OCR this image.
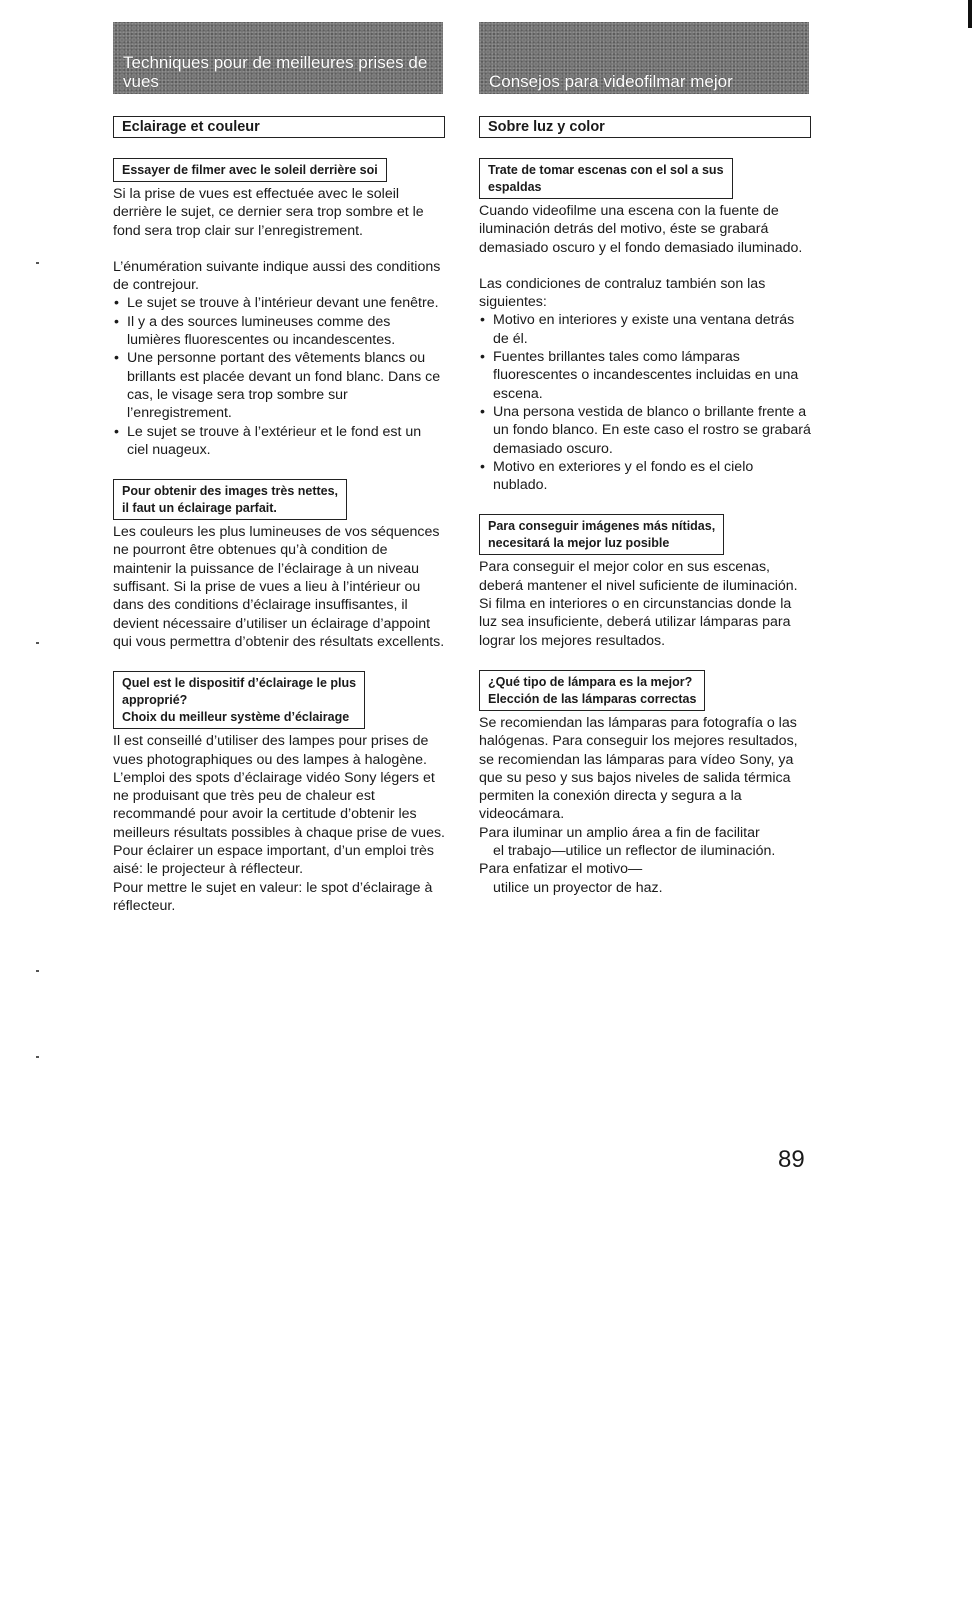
Techniques pour de meilleures prises de vues
Eclairage et couleur
Essayer de filmer avec le soleil derrière soi

Si la prise de vues est effectuée avec le soleil derrière le sujet, ce dernier sera trop sombre et le fond sera trop clair sur l’enregistrement.

L’énumération suivante indique aussi des conditions de contrejour.

• Le sujet se trouve à l’intérieur devant une fenêtre.
• Il y a des sources lumineuses comme des lumières fluorescentes ou incandescentes.
• Une personne portant des vêtements blancs ou brillants est placée devant un fond blanc. Dans ce cas, le visage sera trop sombre sur l’enregistrement.
• Le sujet se trouve à l’extérieur et le fond est un ciel nuageux.
Pour obtenir des images très nettes,
il faut un éclairage parfait.

Les couleurs les plus lumineuses de vos séquences ne pourront être obtenues qu’à condition de maintenir la puissance de l’éclairage à un niveau suffisant. Si la prise de vues a lieu à l’intérieur ou dans des conditions d’éclairage insuffisantes, il devient nécessaire d’utiliser un éclairage d’appoint qui vous permettra d’obtenir des résultats excellents.

Quel est le dispositif d’éclairage le plus
approprié?
Choix du meilleur système d’éclairage

Il est conseillé d’utiliser des lampes pour prises de vues photographiques ou des lampes à halogène. L’emploi des spots d’éclairage vidéo Sony légers et ne produisant que très peu de chaleur est recommandé pour avoir la certitude d’obtenir les meilleurs résultats possibles à chaque prise de vues.

Pour éclairer un espace important, d’un emploi très aisé: le projecteur à réflecteur.

Pour mettre le sujet en valeur: le spot d’éclairage à réflecteur.

Consejos para videofilmar mejor
Sobre luz y color
Trate de tomar escenas con el sol a sus
espaldas

Cuando videofilme una escena con la fuente de iluminación detrás del motivo, éste se grabará demasiado oscuro y el fondo demasiado iluminado.

Las condiciones de contraluz también son las siguientes:

• Motivo en interiores y existe una ventana detrás de él.
• Fuentes brillantes tales como lámparas fluorescentes o incandescentes incluidas en una escena.
• Una persona vestida de blanco o brillante frente a un fondo blanco. En este caso el rostro se grabará demasiado oscuro.
• Motivo en exteriores y el fondo es el cielo nublado.
Para conseguir imágenes más nítidas,
necesitará la mejor luz posible

Para conseguir el mejor color en sus escenas, deberá mantener el nivel suficiente de iluminación. Si filma en interiores o en circunstancias donde la luz sea insuficiente, deberá utilizar lámparas para lograr los mejores resultados.

¿Qué tipo de lámpara es la mejor?
Elección de las lámparas correctas

Se recomiendan las lámparas para fotografía o las halógenas. Para conseguir los mejores resultados, se recomiendan las lámparas para vídeo Sony, ya que su peso y sus bajos niveles de salida térmica permiten la conexión directa y segura a la videocámara.

Para iluminar un amplio área a fin de facilitar

el trabajo—utilice un reflector de iluminación.

Para enfatizar el motivo—

utilice un proyector de haz.

89
